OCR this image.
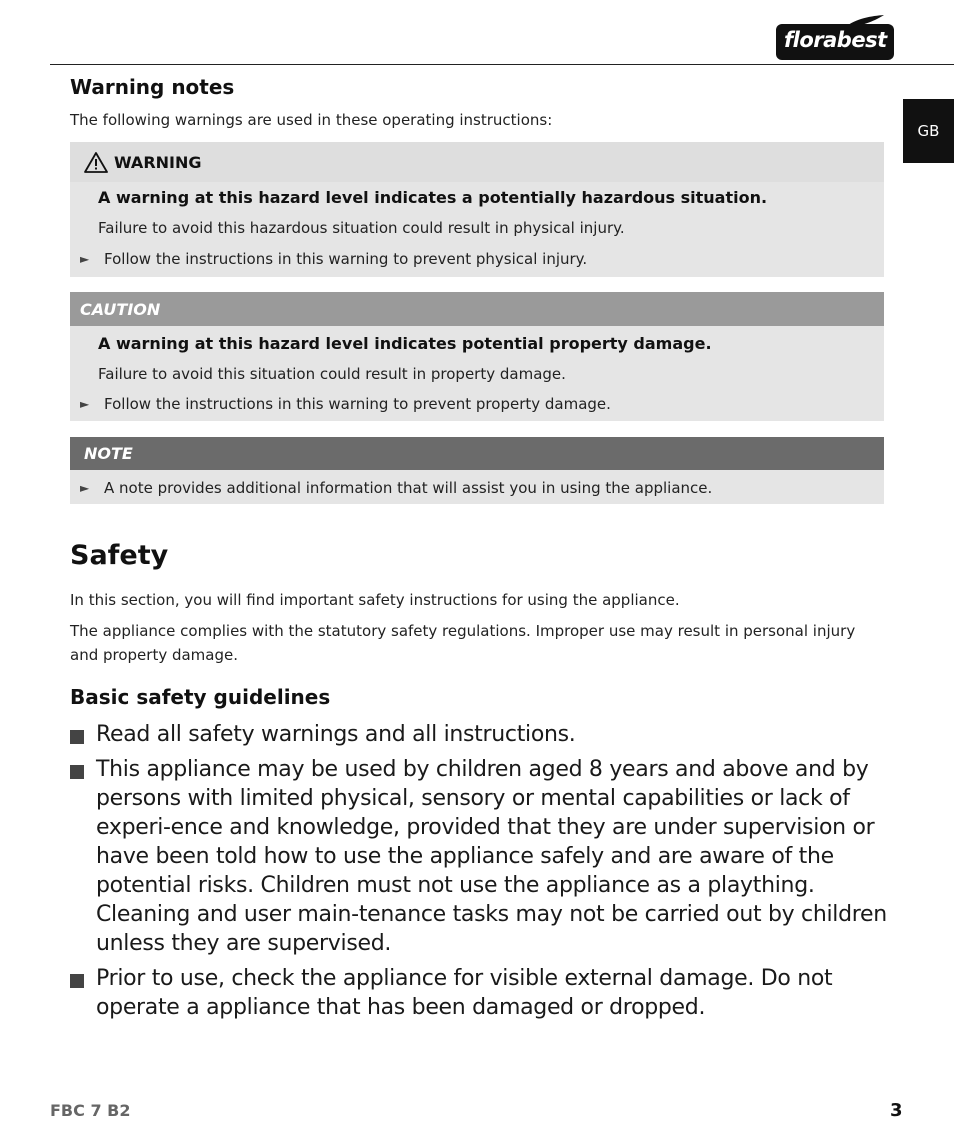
florabest
GB
Warning notes
The following warnings are used in these operating instructions:
WARNING
A warning at this hazard level indicates a potentially hazardous situation.
Failure to avoid this hazardous situation could result in physical injury.
► Follow the instructions in this warning to prevent physical injury.
CAUTION
A warning at this hazard level indicates potential property damage.
Failure to avoid this situation could result in property damage.
► Follow the instructions in this warning to prevent property damage.
NOTE
► A note provides additional information that will assist you in using the appliance.
Safety
In this section, you will find important safety instructions for using the appliance.
The appliance complies with the statutory safety regulations. Improper use may result in personal injury
and property damage.
Basic safety guidelines
Read all safety warnings and all instructions.
This appliance may be used by children aged 8 years and above and by persons with limited physical, sensory or mental capabilities or lack of experi-ence and knowledge, provided that they are under supervision or have been told how to use the appliance safely and are aware of the potential risks. Children must not use the appliance as a plaything. Cleaning and user main-tenance tasks may not be carried out by children unless they are supervised.
Prior to use, check the appliance for visible external damage. Do not operate a appliance that has been damaged or dropped.
FBC 7 B2	3
